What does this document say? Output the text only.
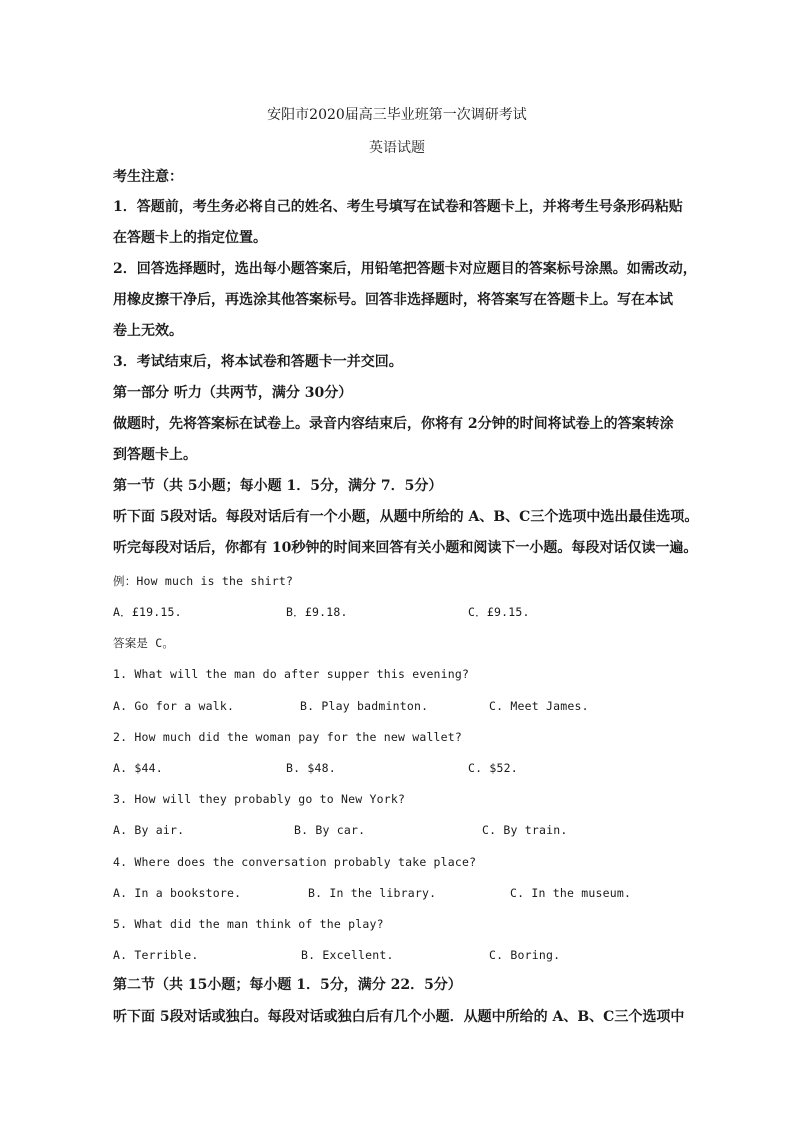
安阳市2020届高三毕业班第一次调研考试
英语试题
考生注意：
1．答题前，考生务必将自己的姓名、考生号填写在试卷和答题卡上，并将考生号条形码粘贴
在答题卡上的指定位置。
2．回答选择题时，选出每小题答案后，用铅笔把答题卡对应题目的答案标号涂黑。如需改动，
用橡皮擦干净后，再选涂其他答案标号。回答非选择题时，将答案写在答题卡上。写在本试
卷上无效。
3．考试结束后，将本试卷和答题卡一并交回。
第一部分 听力（共两节，满分 30分）
做题时，先将答案标在试卷上。录音内容结束后，你将有 2分钟的时间将试卷上的答案转涂
到答题卡上。
第一节（共 5小题；每小题 1．5分，满分 7．5分）
听下面 5段对话。每段对话后有一个小题，从题中所给的 A、B、C三个选项中选出最佳选项。
听完每段对话后，你都有 10秒钟的时间来回答有关小题和阅读下一小题。每段对话仅读一遍。
例：How much is the shirt?
A．£19.15.	B．£9.18.	C．£9.15.
答案是 C。
1. What will the man do after supper this evening?
A. Go for a walk.	B. Play badminton.	C. Meet James.
2. How much did the woman pay for the new wallet?
A. $44.	B. $48.	C. $52.
3. How will they probably go to New York?
A. By air.	B. By car.	C. By train.
4. Where does the conversation probably take place?
A. In a bookstore.	B. In the library.	C. In the museum.
5. What did the man think of the play?
A. Terrible.	B. Excellent.	C. Boring.
第二节（共 15小题；每小题 1．5分，满分 22．5分）
听下面 5段对话或独白。每段对话或独白后有几个小题．从题中所给的 A、B、C三个选项中
